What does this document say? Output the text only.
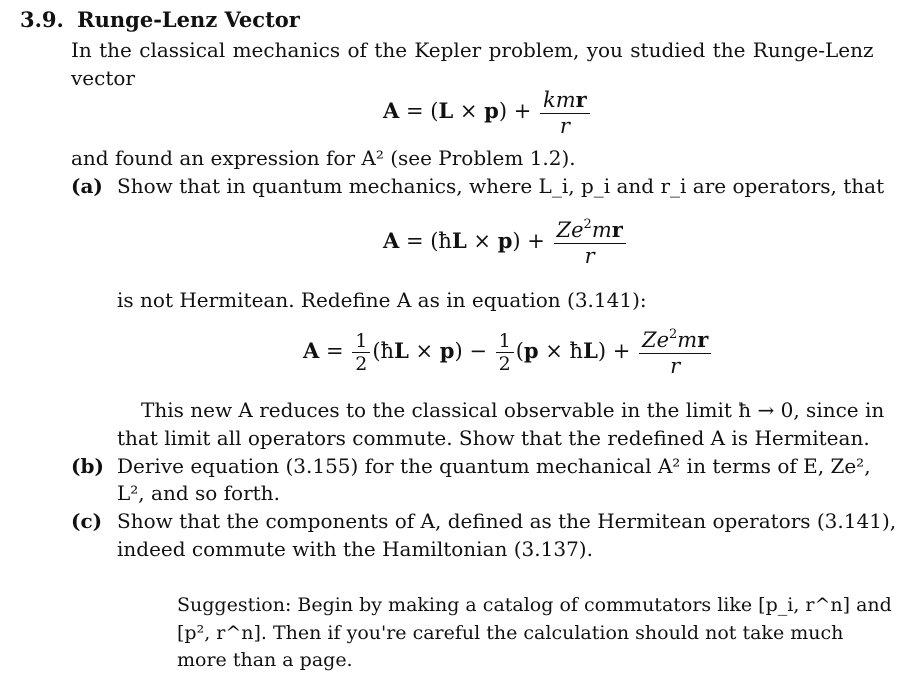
3.9. Runge-Lenz Vector
In the classical mechanics of the Kepler problem, you studied the Runge-Lenz
vector
$A = (L \times p) + \frac{\text{kmr}}{r}$
and found an expression for A² (see Problem 1.2).
(a) Show that in quantum mechanics, where L_i, p_i and r_i are operators, that
A = (ħL × $p) + \frac{Ze^2mr}{r}$
is not Hermitean. Redefine A as in equation (3.141):
$A = \frac{1}{2}$ (ħL × $p) - \frac{1}{2} (p$ × ħL) + $\frac{Ze^2mr}{r}$
This new A reduces to the classical observable in the limit ħ → 0, since in
that limit all operators commute. Show that the redefined A is Hermitean.
(b) Derive equation (3.155) for the quantum mechanical A² in terms of E, Ze²,
L², and so forth.
(c) Show that the components of A, defined as the Hermitean operators (3.141),
indeed commute with the Hamiltonian (3.137).
Suggestion: Begin by making a catalog of commutators like [p_i, r^n] and
[p², r^n]. Then if you're careful the calculation should not take much
more than a page.
